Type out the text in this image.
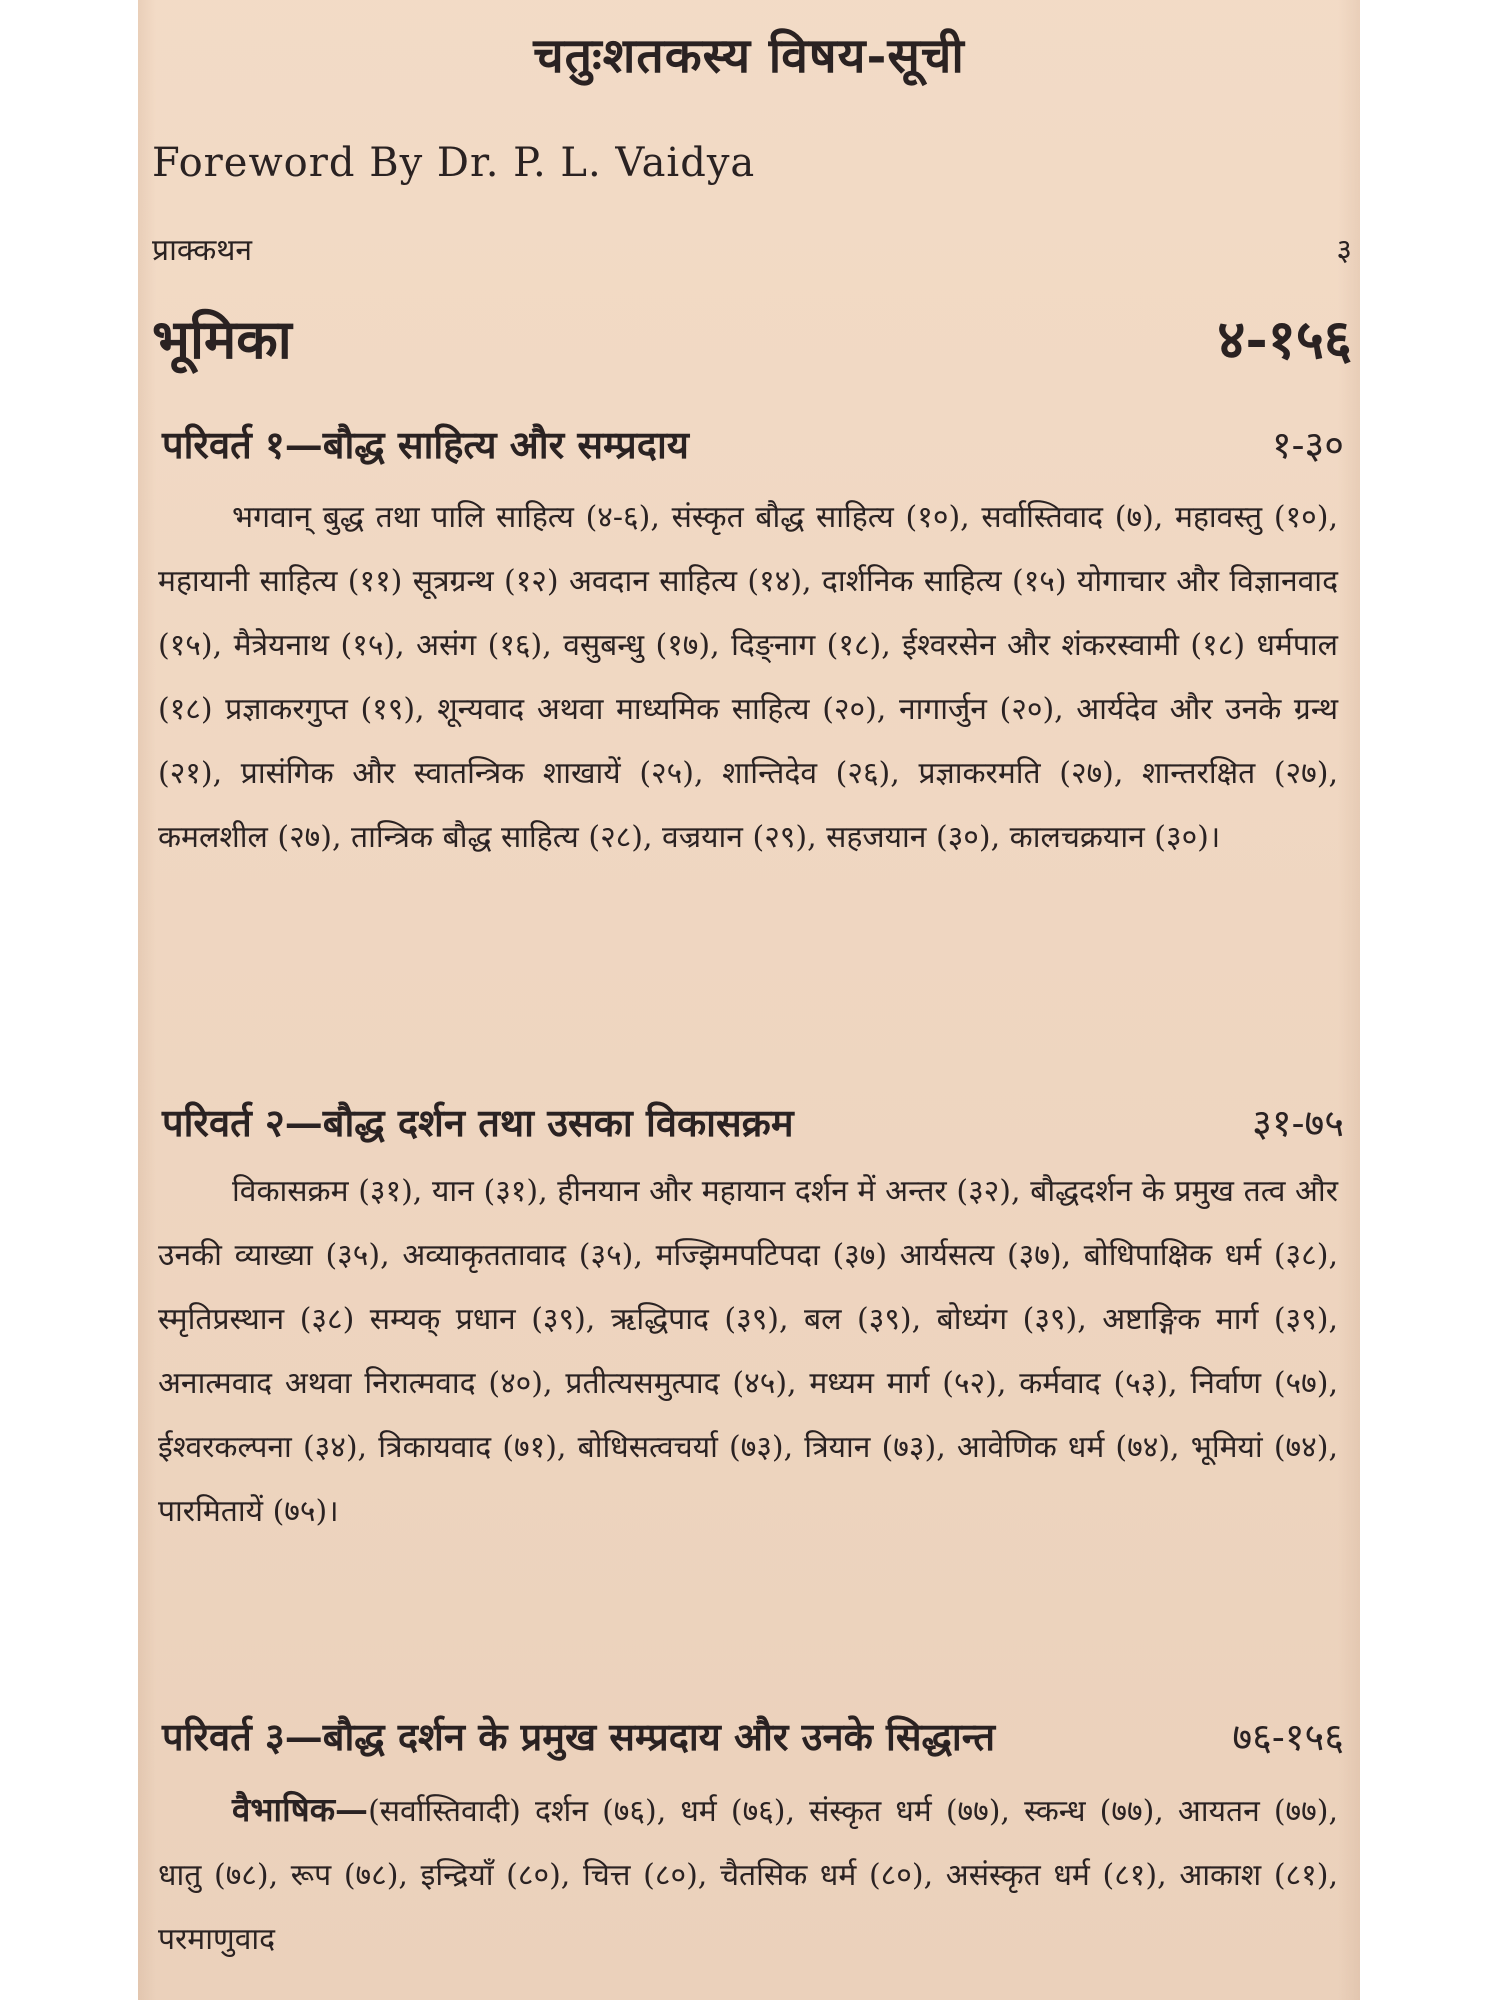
चतुःशतकस्य विषय-सूची
Foreword By Dr. P. L. Vaidya
प्राक्कथन	३
भूमिका	४-१५६
परिवर्त १—बौद्ध साहित्य और सम्प्रदाय	१-३०
भगवान् बुद्ध तथा पालि साहित्य (४-६), संस्कृत बौद्ध साहित्य (१०), सर्वास्तिवाद (७), महावस्तु (१०), महायानी साहित्य (११) सूत्रग्रन्थ (१२) अवदान साहित्य (१४), दार्शनिक साहित्य (१५) योगाचार और विज्ञानवाद (१५), मैत्रेयनाथ (१५), असंग (१६), वसुबन्धु (१७), दिङ्नाग (१८), ईश्वरसेन और शंकरस्वामी (१८) धर्मपाल (१८) प्रज्ञाकरगुप्त (१९), शून्यवाद अथवा माध्यमिक साहित्य (२०), नागार्जुन (२०), आर्यदेव और उनके ग्रन्थ (२१), प्रासंगिक और स्वातन्त्रिक शाखायें (२५), शान्तिदेव (२६), प्रज्ञाकरमति (२७), शान्तरक्षित (२७), कमलशील (२७), तान्त्रिक बौद्ध साहित्य (२८), वज्रयान (२९), सहजयान (३०), कालचक्रयान (३०)।
परिवर्त २—बौद्ध दर्शन तथा उसका विकासक्रम	३१-७५
विकासक्रम (३१), यान (३१), हीनयान और महायान दर्शन में अन्तर (३२), बौद्धदर्शन के प्रमुख तत्व और उनकी व्याख्या (३५), अव्याकृततावाद (३५), मज्झिमपटिपदा (३७) आर्यसत्य (३७), बोधिपाक्षिक धर्म (३८), स्मृतिप्रस्थान (३८) सम्यक् प्रधान (३९), ऋद्धिपाद (३९), बल (३९), बोध्यंग (३९), अष्टाङ्गिक मार्ग (३९), अनात्मवाद अथवा निरात्मवाद (४०), प्रतीत्यसमुत्पाद (४५), मध्यम मार्ग (५२), कर्मवाद (५३), निर्वाण (५७), ईश्वरकल्पना (३४), त्रिकायवाद (७१), बोधिसत्वचर्या (७३), त्रियान (७३), आवेणिक धर्म (७४), भूमियां (७४), पारमितायें (७५)।
परिवर्त ३—बौद्ध दर्शन के प्रमुख सम्प्रदाय और उनके सिद्धान्त	७६-१५६
वैभाषिक—(सर्वास्तिवादी) दर्शन (७६), धर्म (७६), संस्कृत धर्म (७७), स्कन्ध (७७), आयतन (७७), धातु (७८), रूप (७८), इन्द्रियाँ (८०), चित्त (८०), चैतसिक धर्म (८०), असंस्कृत धर्म (८१), आकाश (८१), परमाणुवाद
